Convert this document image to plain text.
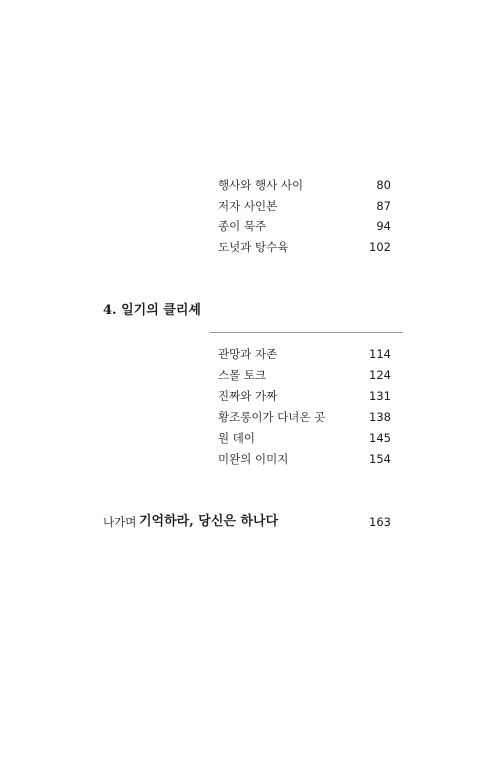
행사와 행사 사이	80
저자 사인본	87
종이 묵주	94
도넛과 탕수육	102
4. 일기의 클리셰
관망과 자존	114
스몰 토크	124
진짜와 가짜	131
황조롱이가 다녀온 곳	138
원 데이	145
미완의 이미지	154
나가며 기억하라, 당신은 하나다	163
